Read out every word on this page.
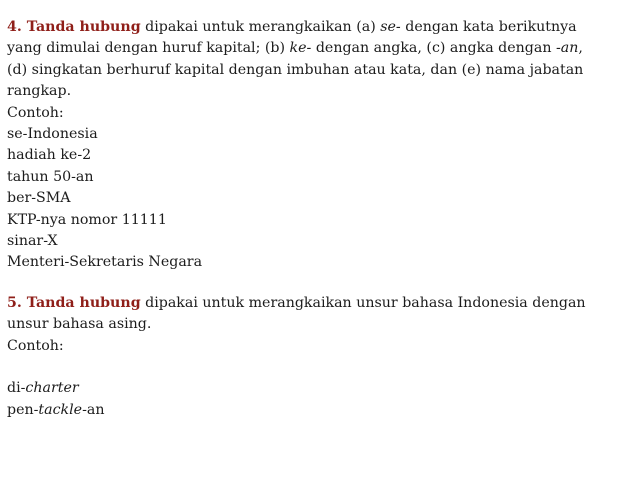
4. Tanda hubung dipakai untuk merangkaikan (a) se- dengan kata berikutnya
yang dimulai dengan huruf kapital; (b) ke- dengan angka, (c) angka dengan -an,
(d) singkatan berhuruf kapital dengan imbuhan atau kata, dan (e) nama jabatan
rangkap.
Contoh:
se-Indonesia
hadiah ke-2
tahun 50-an
ber-SMA
KTP-nya nomor 11111
sinar-X
Menteri-Sekretaris Negara
5. Tanda hubung dipakai untuk merangkaikan unsur bahasa Indonesia dengan
unsur bahasa asing.
Contoh:
di-charter
pen-tackle-an
